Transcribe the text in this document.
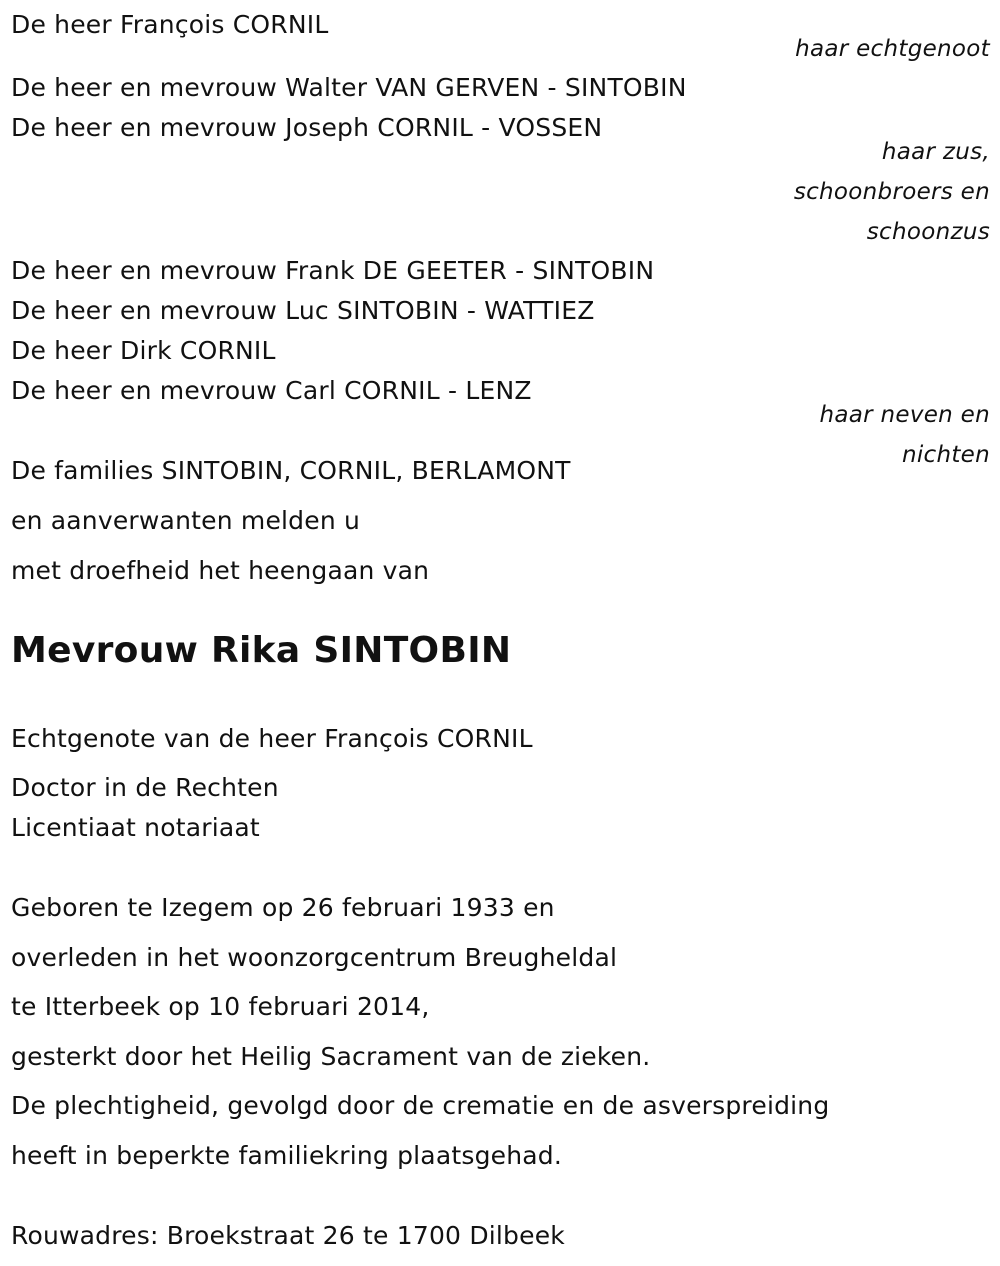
De heer François CORNIL
haar echtgenoot
De heer en mevrouw Walter VAN GERVEN - SINTOBIN
De heer en mevrouw Joseph CORNIL - VOSSEN
haar zus,
schoonbroers en
schoonzus
De heer en mevrouw Frank DE GEETER - SINTOBIN
De heer en mevrouw Luc SINTOBIN - WATTIEZ
De heer Dirk CORNIL
De heer en mevrouw Carl CORNIL - LENZ
haar neven en
nichten
De families SINTOBIN, CORNIL, BERLAMONT
en aanverwanten melden u
met droefheid het heengaan van
Mevrouw Rika SINTOBIN
Echtgenote van de heer François CORNIL
Doctor in de Rechten
Licentiaat notariaat
Geboren te Izegem op 26 februari 1933 en
overleden in het woonzorgcentrum Breugheldal
te Itterbeek op 10 februari 2014,
gesterkt door het Heilig Sacrament van de zieken.
De plechtigheid, gevolgd door de crematie en de asverspreiding
heeft in beperkte familiekring plaatsgehad.
Rouwadres: Broekstraat 26 te 1700 Dilbeek
